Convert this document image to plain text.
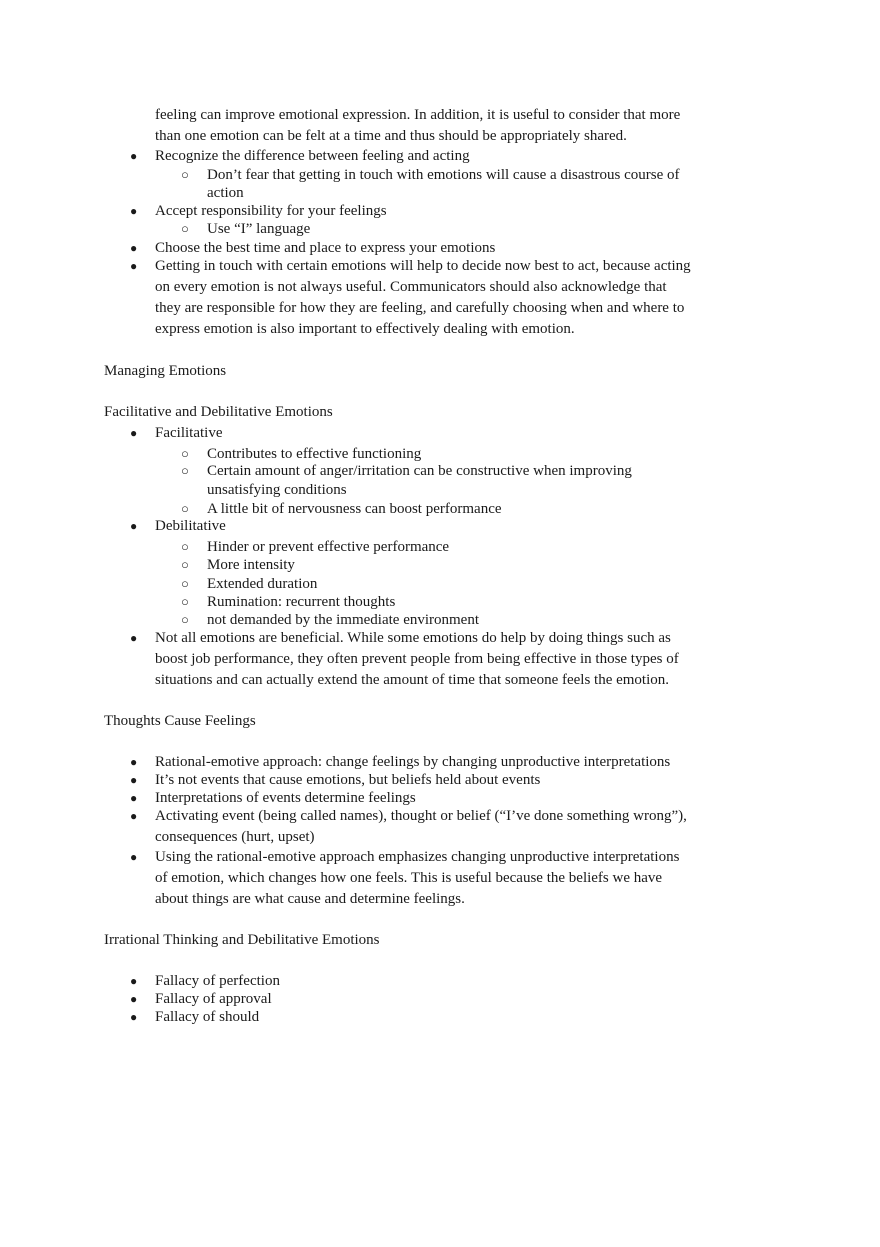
feeling can improve emotional expression. In addition, it is useful to consider that more
than one emotion can be felt at a time and thus should be appropriately shared.
● Recognize the difference between feeling and acting
○ Don’t fear that getting in touch with emotions will cause a disastrous course of
action
● Accept responsibility for your feelings
○ Use “I” language
● Choose the best time and place to express your emotions
● Getting in touch with certain emotions will help to decide now best to act, because acting
on every emotion is not always useful. Communicators should also acknowledge that
they are responsible for how they are feeling, and carefully choosing when and where to
express emotion is also important to effectively dealing with emotion.
Managing Emotions
Facilitative and Debilitative Emotions
● Facilitative
○ Contributes to effective functioning
○ Certain amount of anger/irritation can be constructive when improving
unsatisfying conditions
○ A little bit of nervousness can boost performance
● Debilitative
○ Hinder or prevent effective performance
○ More intensity
○ Extended duration
○ Rumination: recurrent thoughts
○ not demanded by the immediate environment
● Not all emotions are beneficial. While some emotions do help by doing things such as
boost job performance, they often prevent people from being effective in those types of
situations and can actually extend the amount of time that someone feels the emotion.
Thoughts Cause Feelings
● Rational-emotive approach: change feelings by changing unproductive interpretations
● It’s not events that cause emotions, but beliefs held about events
● Interpretations of events determine feelings
● Activating event (being called names), thought or belief (“I’ve done something wrong”),
consequences (hurt, upset)
● Using the rational-emotive approach emphasizes changing unproductive interpretations
of emotion, which changes how one feels. This is useful because the beliefs we have
about things are what cause and determine feelings.
Irrational Thinking and Debilitative Emotions
● Fallacy of perfection
● Fallacy of approval
● Fallacy of should
